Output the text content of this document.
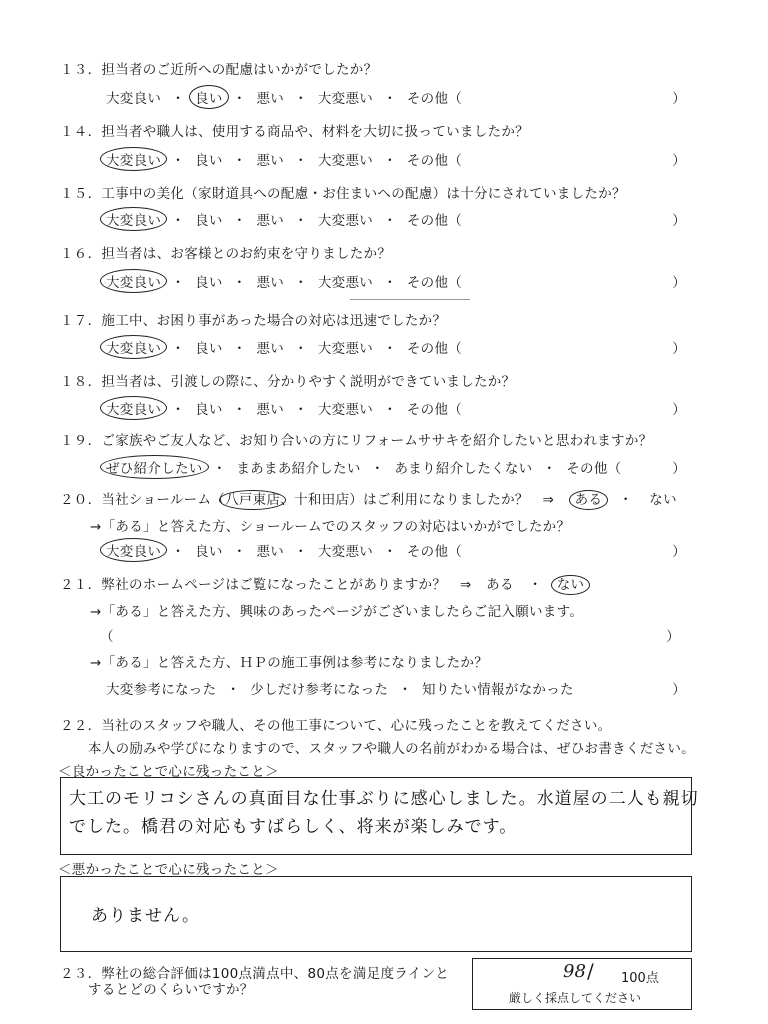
１３．担当者のご近所への配慮はいかがでしたか？
大変良い ・ 良い ・ 悪い ・ 大変悪い ・ その他（	）
１４．担当者や職人は、使用する商品や、材料を大切に扱っていましたか？
大変良い ・ 良い ・ 悪い ・ 大変悪い ・ その他（	）
１５．工事中の美化（家財道具への配慮・お住まいへの配慮）は十分にされていましたか？
大変良い ・ 良い ・ 悪い ・ 大変悪い ・ その他（	）
１６．担当者は、お客様とのお約束を守りましたか？
大変良い ・ 良い ・ 悪い ・ 大変悪い ・ その他（	）
１７．施工中、お困り事があった場合の対応は迅速でしたか？
大変良い ・ 良い ・ 悪い ・ 大変悪い ・ その他（	）
１８．担当者は、引渡しの際に、分かりやすく説明ができていましたか？
大変良い ・ 良い ・ 悪い ・ 大変悪い ・ その他（	）
１９．ご家族やご友人など、お知り合いの方にリフォームササキを紹介したいと思われますか？
ぜひ紹介したい ・ まあまあ紹介したい ・ あまり紹介したくない ・ その他（	）
２０．当社ショールーム（八戸東店、十和田店）はご利用になりましたか？　⇒ ある ・ ない
→「ある」と答えた方、ショールームでのスタッフの対応はいかがでしたか？
大変良い ・ 良い ・ 悪い ・ 大変悪い ・ その他（	）
２１．弊社のホームページはご覧になったことがありますか？　⇒ ある ・ ない
→「ある」と答えた方、興味のあったページがございましたらご記入願います。
（	）
→「ある」と答えた方、ＨＰの施工事例は参考になりましたか？
大変参考になった ・ 少しだけ参考になった ・ 知りたい情報がなかった	）
２２．当社のスタッフや職人、その他工事について、心に残ったことを教えてください。
本人の励みや学びになりますので、スタッフや職人の名前がわかる場合は、ぜひお書きください。
＜良かったことで心に残ったこと＞
大工のモリコシさんの真面目な仕事ぶりに感心しました。水道屋の二人も親切
でした。橋君の対応もすばらしく、将来が楽しみです。
＜悪かったことで心に残ったこと＞
ありません。
２３．弊社の総合評価は100点満点中、80点を満足度ラインと
するとどのくらいですか？
98 / 100点
厳しく採点してください
